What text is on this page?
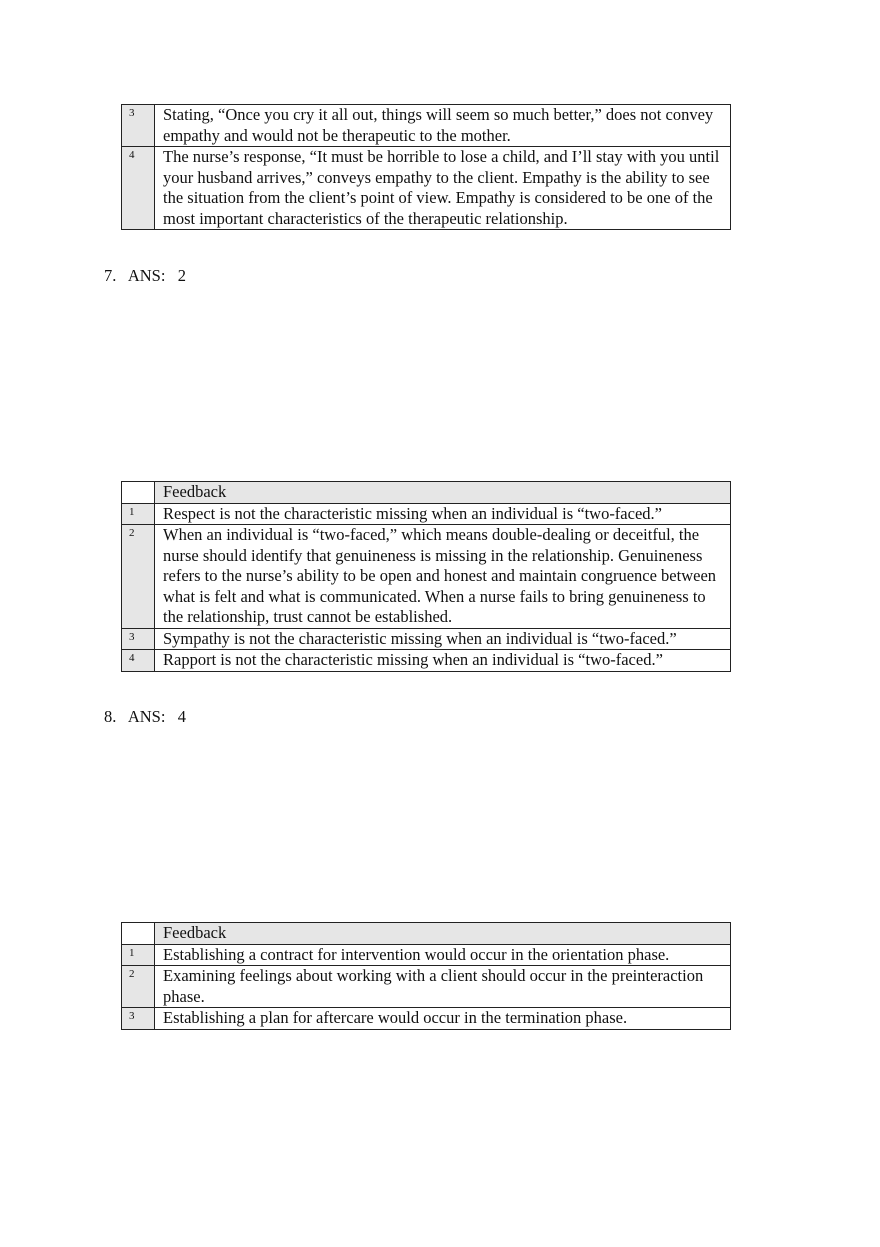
3	Stating, “Once you cry it all out, things will seem so much better,” does not convey empathy and would not be therapeutic to the mother.
4	The nurse’s response, “It must be horrible to lose a child, and I’ll stay with you until your husband arrives,” conveys empathy to the client. Empathy is the ability to see the situation from the client’s point of view. Empathy is considered to be one of the most important characteristics of the therapeutic relationship.
7.   ANS:   2
	Feedback
1	Respect is not the characteristic missing when an individual is “two-faced.”
2	When an individual is “two-faced,” which means double-dealing or deceitful, the nurse should identify that genuineness is missing in the relationship. Genuineness refers to the nurse’s ability to be open and honest and maintain congruence between what is felt and what is communicated. When a nurse fails to bring genuineness to the relationship, trust cannot be established.
3	Sympathy is not the characteristic missing when an individual is “two-faced.”
4	Rapport is not the characteristic missing when an individual is “two-faced.”
8.   ANS:   4
	Feedback
1	Establishing a contract for intervention would occur in the orientation phase.
2	Examining feelings about working with a client should occur in the preinteraction phase.
3	Establishing a plan for aftercare would occur in the termination phase.
